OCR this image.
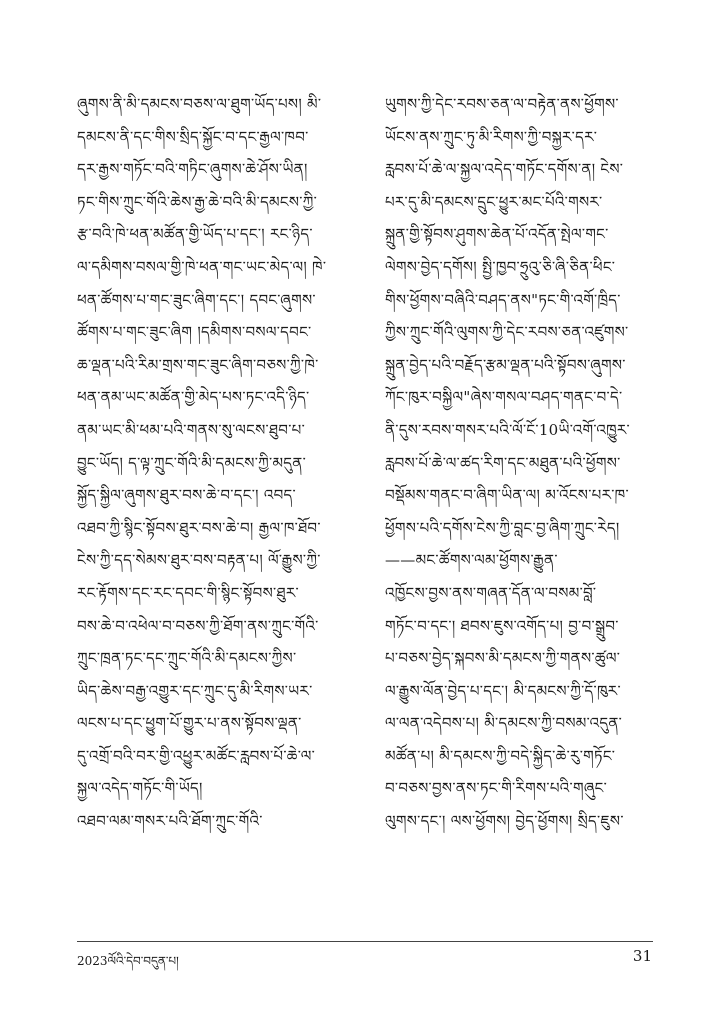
ཞུགས་ནི་མི་དམངས་བཅས་ལ་ཐུག་ཡོད་པས། མི་
དམངས་ནི་དང་གིས་སྲིད་སྐྱོང་བ་དང་རྒྱལ་ཁབ་
དར་རྒྱས་གཏོང་བའི་གཏིང་ཞུགས་ཆེ་ཤོས་ཡིན།
ཏང་གིས་ཀྲུང་གོའི་ཆེས་རྒྱ་ཆེ་བའི་མི་དམངས་ཀྱི་
རྩ་བའི་ཁེ་ཕན་མཚོན་གྱི་ཡོད་པ་དང་། རང་ཉིད་
ལ་དམིགས་བསལ་གྱི་ཁེ་ཕན་གང་ཡང་མེད་ལ། ཁེ་
ཕན་ཚོགས་པ་གང་ཟུང་ཞིག་དང་། དབང་ཞུགས་
ཚོགས་པ་གང་ཟུང་ཞིག །དམིགས་བསལ་དབང་
ཆ་ལྡན་པའི་རིམ་གྲས་གང་ཟུང་ཞིག་བཅས་ཀྱི་ཁེ་
ཕན་ནམ་ཡང་མཚོན་གྱི་མེད་པས་ཏང་འདི་ཉིད་
ནམ་ཡང་མི་ཕམ་པའི་གནས་སུ་ལངས་ཐུབ་པ་
བྱུང་ཡོད། ད་ལྟ་ཀྲུང་གོའི་མི་དམངས་ཀྱི་མདུན་
སྐྱོད་སྐྱིལ་ཞུགས་ཐུར་བས་ཆེ་བ་དང་། འབད་
འཐབ་ཀྱི་སྙིང་སྟོབས་ཐུར་བས་ཆེ་བ། རྒྱལ་ཁ་ཐོབ་
ངེས་ཀྱི་དད་སེམས་ཐུར་བས་བརྟན་པ། ལོ་རྒྱུས་ཀྱི་
རང་རྟོགས་དང་རང་དབང་གི་སྙིང་སྟོབས་ཐུར་
བས་ཆེ་བ་འཕེལ་བ་བཅས་ཀྱི་ཐོག་ནས་ཀྲུང་གོའི་
ཀྲུང་ཁྲན་ཏང་དང་ཀྲུང་གོའི་མི་དམངས་ཀྱིས་
ཡིད་ཆེས་བརྒྱ་འགྱུར་དང་ཀྲུང་དུ་མི་རིགས་ཡར་
ལངས་པ་དང་ཕྱུག་པོ་གྱུར་པ་ནས་སྟོབས་ལྡན་
དུ་འགྲོ་བའི་བར་གྱི་འཕྱུར་མཚོང་རླབས་པོ་ཆེ་ལ་
སྐྱལ་འདེད་གཏོང་གི་ཡོད།
འཐབ་ལམ་གསར་པའི་ཐོག་ཀྲུང་གོའི་
ཡུགས་ཀྱི་དེང་རབས་ཅན་ལ་བརྟེན་ནས་ཕྱོགས་
ཡོངས་ནས་ཀྲུང་ཏུ་མི་རིགས་ཀྱི་བསྐྱར་དར་
རླབས་པོ་ཆེ་ལ་སྐྱལ་འདེད་གཏོང་དགོས་ན། ངེས་
པར་དུ་མི་དམངས་དྲུང་ཕྱུར་མང་པོའི་གསར་
སྐྲུན་གྱི་སྟོབས་ཤུགས་ཆེན་པོ་འདོན་སྤེལ་གང་
ལེགས་བྱེད་དགོས། སྤྱི་ཁྱབ་ཧྲུའུ་ཅི་ཞི་ཅིན་ཕིང་
གིས་ཕྱོགས་བཞིའི་བཤད་ནས"ཏང་གི་འགོ་ཁྲིད་
ཀྱིས་ཀྲུང་གོའི་ལུགས་ཀྱི་དེང་རབས་ཅན་འཛུགས་
སྐྲུན་བྱེད་པའི་བརྗོད་རྩམ་ལྡན་པའི་སྟོབས་ཞུགས་
ཀོང་ཁུར་བསྐྱིལ"ཞེས་གསལ་བཤད་གནང་བ་དེ་
ནི་དུས་རབས་གསར་པའི་ལོ་ངོ་10ཡི་འགོ་འཁྱུར་
རླབས་པོ་ཆེ་ལ་ཚད་རིག་དང་མཐུན་པའི་ཕྱོགས་
བསྡོམས་གནང་བ་ཞིག་ཡིན་ལ། མ་འོངས་པར་ཁ་
ཕྱོགས་པའི་དགོས་ངེས་ཀྱི་བླང་བྱ་ཞིག་ཀྲུང་རེད།
——མང་ཚོགས་ལམ་ཕྱོགས་རྒྱུན་
འཁྱོངས་བྱས་ནས་གཞན་དོན་ལ་བསམ་བློ་
གཏོང་བ་དང་། ཐབས་ཇུས་འགོད་པ། བྱ་བ་སྒྲུབ་
པ་བཅས་བྱེད་སྐབས་མི་དམངས་ཀྱི་གནས་ཚུལ་
ལ་རྒྱུས་ལོན་བྱེད་པ་དང་། མི་དམངས་ཀྱི་དོ་ཁུར་
ལ་ལན་འདེབས་པ། མི་དམངས་ཀྱི་བསམ་འདུན་
མཚོན་པ། མི་དམངས་ཀྱི་བདེ་སྐྱིད་ཆེ་རུ་གཏོང་
བ་བཅས་བྱས་ནས་ཏང་གི་རིགས་པའི་གཞུང་
ལུགས་དང་། ལས་ཕྱོགས། བྱེད་ཕྱོགས། སྲིད་ཇུས་
2023ལོའི་དེབ་བདུན་པ།	31
